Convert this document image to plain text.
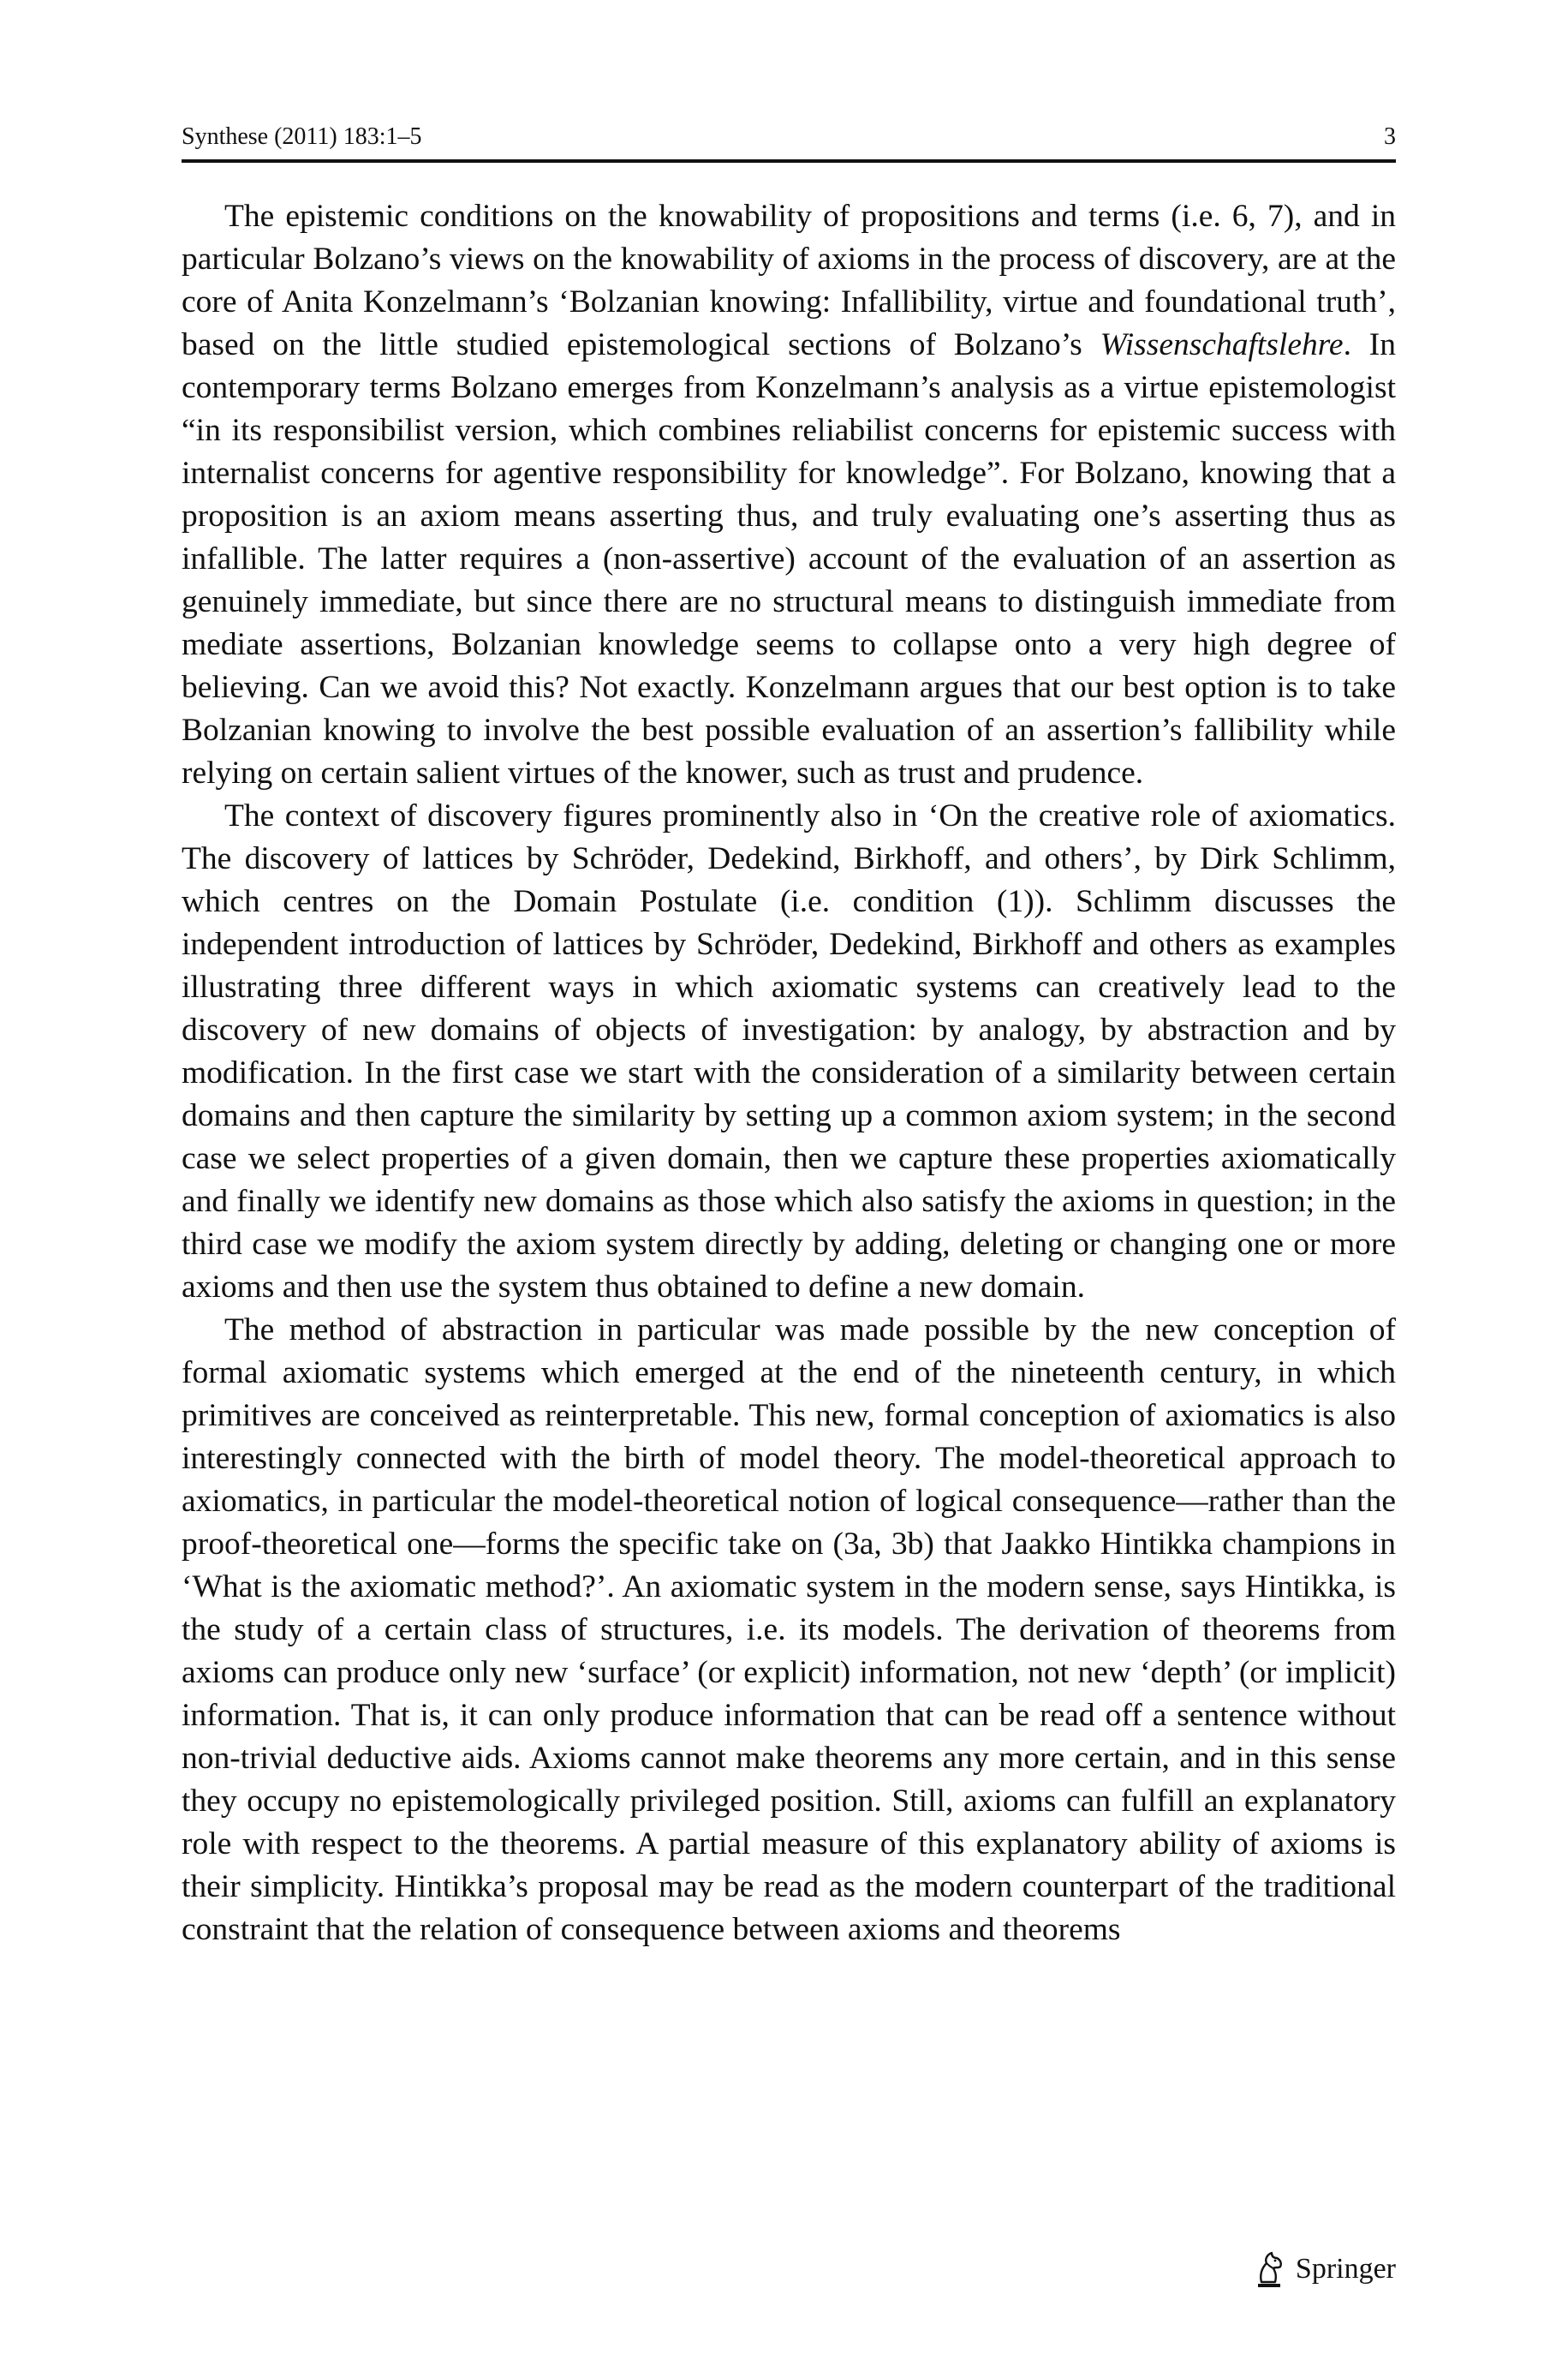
Synthese (2011) 183:1–5	3

The epistemic conditions on the knowability of propositions and terms (i.e. 6, 7), and in particular Bolzano’s views on the knowability of axioms in the process of discovery, are at the core of Anita Konzelmann’s ‘Bolzanian knowing: Infallibility, virtue and foundational truth’, based on the little studied epistemological sections of Bolzano’s Wissenschaftslehre. In contemporary terms Bolzano emerges from Konzelmann’s analysis as a virtue epistemologist “in its responsibilist version, which combines reliabilist concerns for epistemic success with internalist concerns for agentive responsibility for knowledge”. For Bolzano, knowing that a proposition is an axiom means asserting thus, and truly evaluating one’s asserting thus as infallible. The latter requires a (non-assertive) account of the evaluation of an assertion as genuinely immediate, but since there are no structural means to distinguish immediate from mediate assertions, Bolzanian knowledge seems to collapse onto a very high degree of believing. Can we avoid this? Not exactly. Konzelmann argues that our best option is to take Bolzanian knowing to involve the best possible evaluation of an assertion’s fallibility while relying on certain salient virtues of the knower, such as trust and prudence.

The context of discovery figures prominently also in ‘On the creative role of axiomatics. The discovery of lattices by Schröder, Dedekind, Birkhoff, and others’, by Dirk Schlimm, which centres on the Domain Postulate (i.e. condition (1)). Schlimm discusses the independent introduction of lattices by Schröder, Dedekind, Birkhoff and others as examples illustrating three different ways in which axiomatic systems can creatively lead to the discovery of new domains of objects of investigation: by analogy, by abstraction and by modification. In the first case we start with the consideration of a similarity between certain domains and then capture the similarity by setting up a common axiom system; in the second case we select properties of a given domain, then we capture these properties axiomatically and finally we identify new domains as those which also satisfy the axioms in question; in the third case we modify the axiom system directly by adding, deleting or changing one or more axioms and then use the system thus obtained to define a new domain.

The method of abstraction in particular was made possible by the new conception of formal axiomatic systems which emerged at the end of the nineteenth century, in which primitives are conceived as reinterpretable. This new, formal conception of axiomatics is also interestingly connected with the birth of model theory. The model-theoretical approach to axiomatics, in particular the model-theoretical notion of logical consequence—rather than the proof-theoretical one—forms the specific take on (3a, 3b) that Jaakko Hintikka champions in ‘What is the axiomatic method?’. An axiomatic system in the modern sense, says Hintikka, is the study of a certain class of structures, i.e. its models. The derivation of theorems from axioms can produce only new ‘surface’ (or explicit) information, not new ‘depth’ (or implicit) information. That is, it can only produce information that can be read off a sentence without non-trivial deductive aids. Axioms cannot make theorems any more certain, and in this sense they occupy no epistemologically privileged position. Still, axioms can fulfill an explanatory role with respect to the theorems. A partial measure of this explanatory ability of axioms is their simplicity. Hintikka’s proposal may be read as the modern counterpart of the traditional constraint that the relation of consequence between axioms and theorems

Springer
